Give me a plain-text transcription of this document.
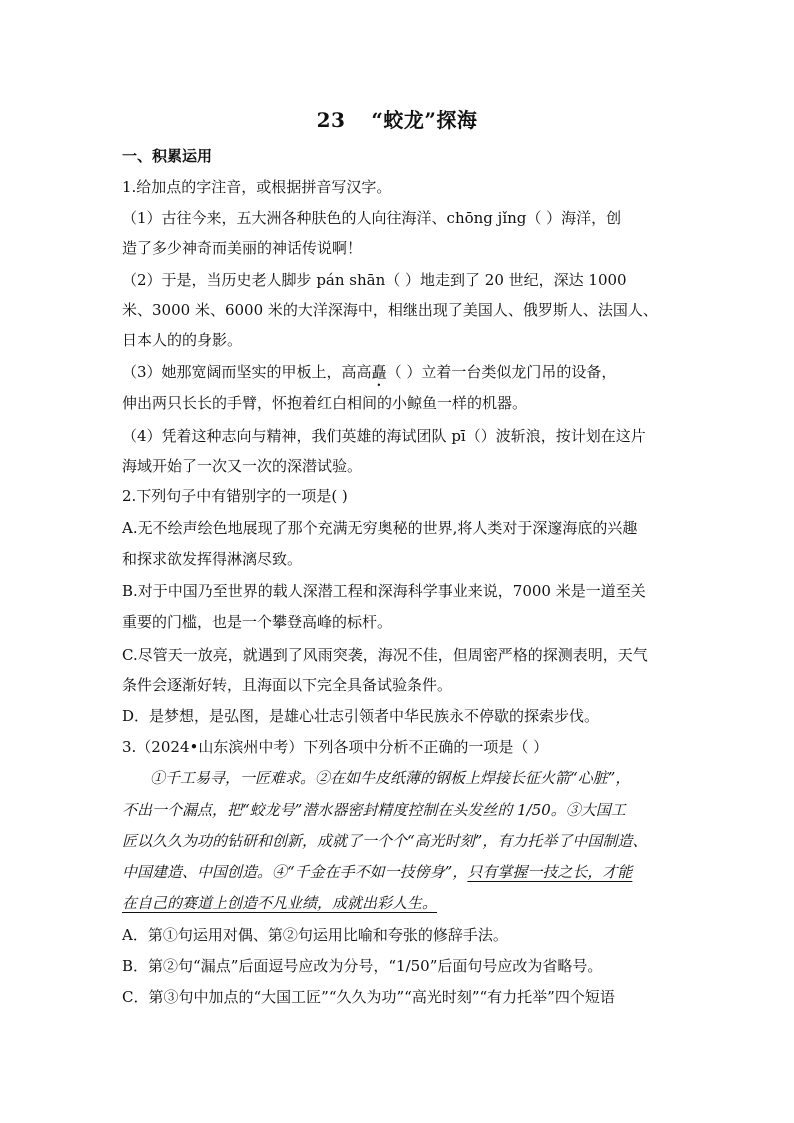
23 “蛟龙”探海
一、积累运用
1.给加点的字注音，或根据拼音写汉字。
（1）古往今来，五大洲各种肤色的人向往海洋、chōng jǐng（ ）海洋，创
造了多少神奇而美丽的神话传说啊！
（2）于是，当历史老人脚步 pán shān（ ）地走到了 20 世纪，深达 1000
米、3000 米、6000 米的大洋深海中，相继出现了美国人、俄罗斯人、法国人、
日本人的的身影。
（3）她那宽阔而坚实的甲板上，高高矗（ ）立着一台类似龙门吊的设备，
伸出两只长长的手臂，怀抱着红白相间的小鲸鱼一样的机器。
（4）凭着这种志向与精神，我们英雄的海试团队 pī（）波斩浪，按计划在这片
海域开始了一次又一次的深潜试验。
2.下列句子中有错别字的一项是( )
A.无不绘声绘色地展现了那个充满无穷奥秘的世界,将人类对于深邃海底的兴趣
和探求欲发挥得淋漓尽致。
B.对于中国乃至世界的载人深潜工程和深海科学事业来说，7000 米是一道至关
重要的门槛，也是一个攀登高峰的标杆。
C.尽管天一放亮，就遇到了风雨突袭，海况不佳，但周密严格的探测表明，天气
条件会逐渐好转，且海面以下完全具备试验条件。
D．是梦想，是弘图，是雄心壮志引领者中华民族永不停歇的探索步伐。
3.（2024•山东滨州中考）下列各项中分析不正确的一项是（ ）
①千工易寻，一匠难求。②在如牛皮纸薄的钢板上焊接长征火箭“心脏”，
不出一个漏点，把“蛟龙号”潜水器密封精度控制在头发丝的 1/50。③大国工
匠以久久为功的钻研和创新，成就了一个个“高光时刻”，有力托举了中国制造、
中国建造、中国创造。④“千金在手不如一技傍身”，只有掌握一技之长，才能
在自己的赛道上创造不凡业绩，成就出彩人生。
A．第①句运用对偶、第②句运用比喻和夸张的修辞手法。
B．第②句“漏点”后面逗号应改为分号，“1/50”后面句号应改为省略号。
C．第③句中加点的“大国工匠”“久久为功”“高光时刻”“有力托举”四个短语
